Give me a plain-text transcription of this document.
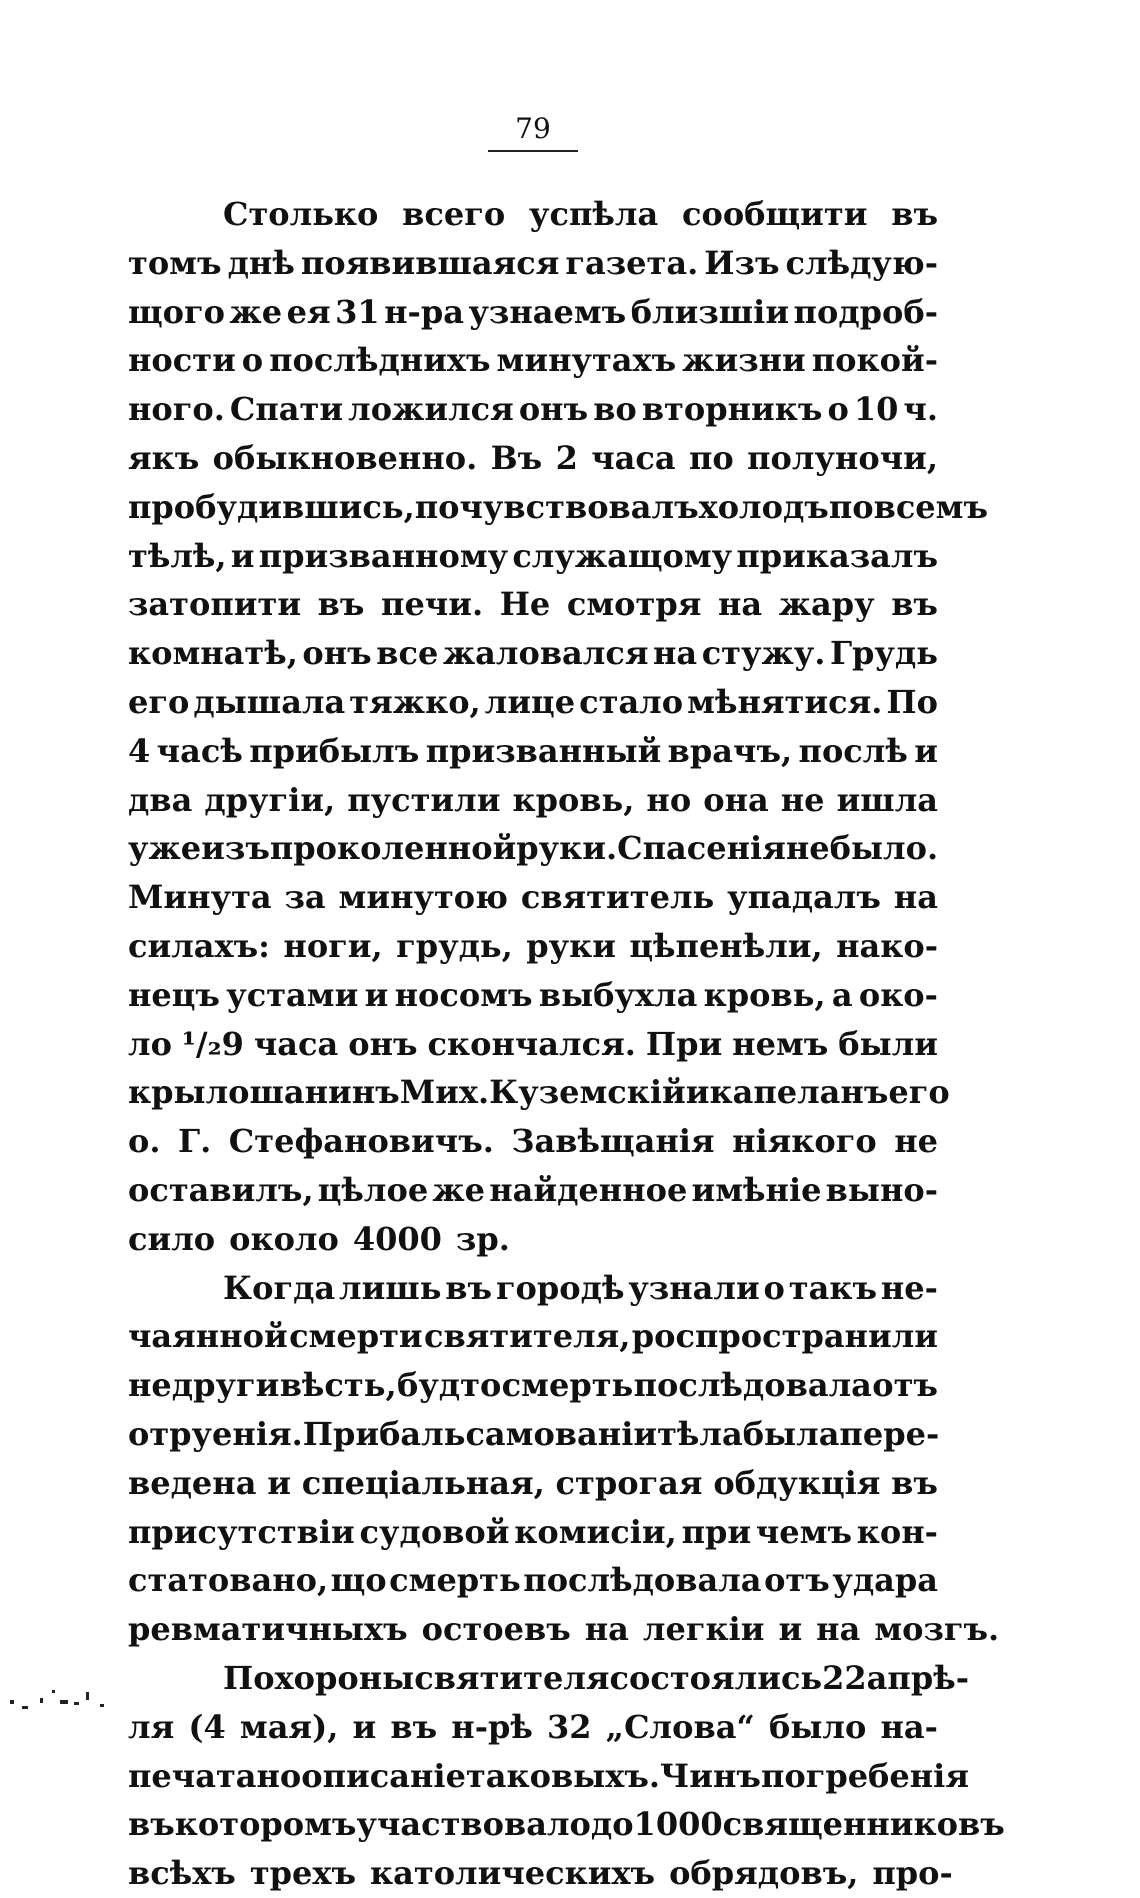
79
Столько всего успѣла сообщити въ
томъ днѣ появившаяся газета. Изъ слѣдую-
щого же ея 31 н-ра узнаемъ близшіи подроб-
ности о послѣднихъ минутахъ жизни покой-
ного. Спати ложился онъ во вторникъ о 10 ч.
якъ обыкновенно. Въ 2 часа по полуночи,
пробудившись, почувствовалъ холодъ по всемъ
тѣлѣ, и призванному служащому приказалъ
затопити въ печи. Не смотря на жару въ
комнатѣ, онъ все жаловался на стужу. Грудь
его дышала тяжко, лице стало мѣнятися. По
4 часѣ прибылъ призванный врачъ, послѣ и
два другіи, пустили кровь, но она не ишла
уже изъ проколенной руки. Спасенія не было.
Минута за минутою святитель упадалъ на
силахъ: ноги, грудь, руки цѣпенѣли, нако-
нецъ устами и носомъ выбухла кровь, а око-
ло ¹/₂9 часа онъ скончался. При немъ были
крылошанинъ Мих. Куземскій и капеланъ его
о. Г. Стефановичъ. Завѣщанія ніякого не
оставилъ, цѣлое же найденное имѣніе выно-
сило около 4000 зр.
Когда лишь въ городѣ узнали о такъ не-
чаянной смерти святителя, роспространили
недруги вѣсть, будто смерть послѣдовала отъ
отруенія. При бальсамованіи тѣла была пере-
ведена и спеціальная, строгая обдукція въ
присутствіи судовой комисіи, при чемъ кон-
статовано, що смерть послѣдовала отъ удара
ревматичныхъ остоевъ на легкіи и на мозгъ.
Похороны святителя состоялись 22 апрѣ-
ля (4 мая), и въ н-рѣ 32 „Слова“ было на-
печатано описаніе таковыхъ. Чинъ погребенія
въ которомъ участвовало до 1000 священниковъ
всѣхъ трехъ католическихъ обрядовъ, про-
